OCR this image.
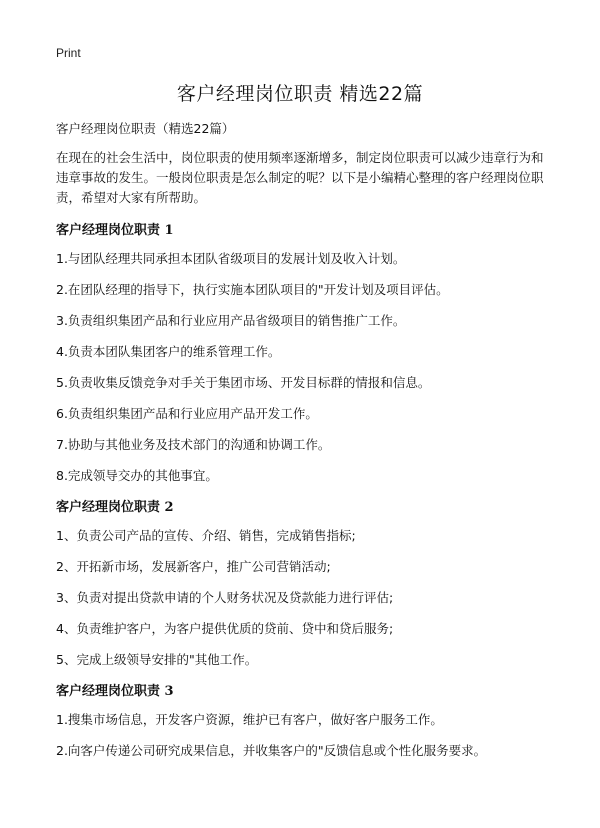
Print
客户经理岗位职责 精选22篇

客户经理岗位职责（精选22篇）

在现在的社会生活中，岗位职责的使用频率逐渐增多，制定岗位职责可以减少违章行为和违章事故的发生。一般岗位职责是怎么制定的呢？以下是小编精心整理的客户经理岗位职责，希望对大家有所帮助。

客户经理岗位职责 1

1.与团队经理共同承担本团队省级项目的发展计划及收入计划。

2.在团队经理的指导下，执行实施本团队项目的"开发计划及项目评估。

3.负责组织集团产品和行业应用产品省级项目的销售推广工作。

4.负责本团队集团客户的维系管理工作。

5.负责收集反馈竞争对手关于集团市场、开发目标群的情报和信息。

6.负责组织集团产品和行业应用产品开发工作。

7.协助与其他业务及技术部门的沟通和协调工作。

8.完成领导交办的其他事宜。

客户经理岗位职责 2

1、负责公司产品的宣传、介绍、销售，完成销售指标;

2、开拓新市场，发展新客户，推广公司营销活动;

3、负责对提出贷款申请的个人财务状况及贷款能力进行评估;

4、负责维护客户，为客户提供优质的贷前、贷中和贷后服务;

5、完成上级领导安排的"其他工作。

客户经理岗位职责 3

1.搜集市场信息，开发客户资源，维护已有客户，做好客户服务工作。

2.向客户传递公司研究成果信息，并收集客户的"反馈信息或个性化服务要求。
